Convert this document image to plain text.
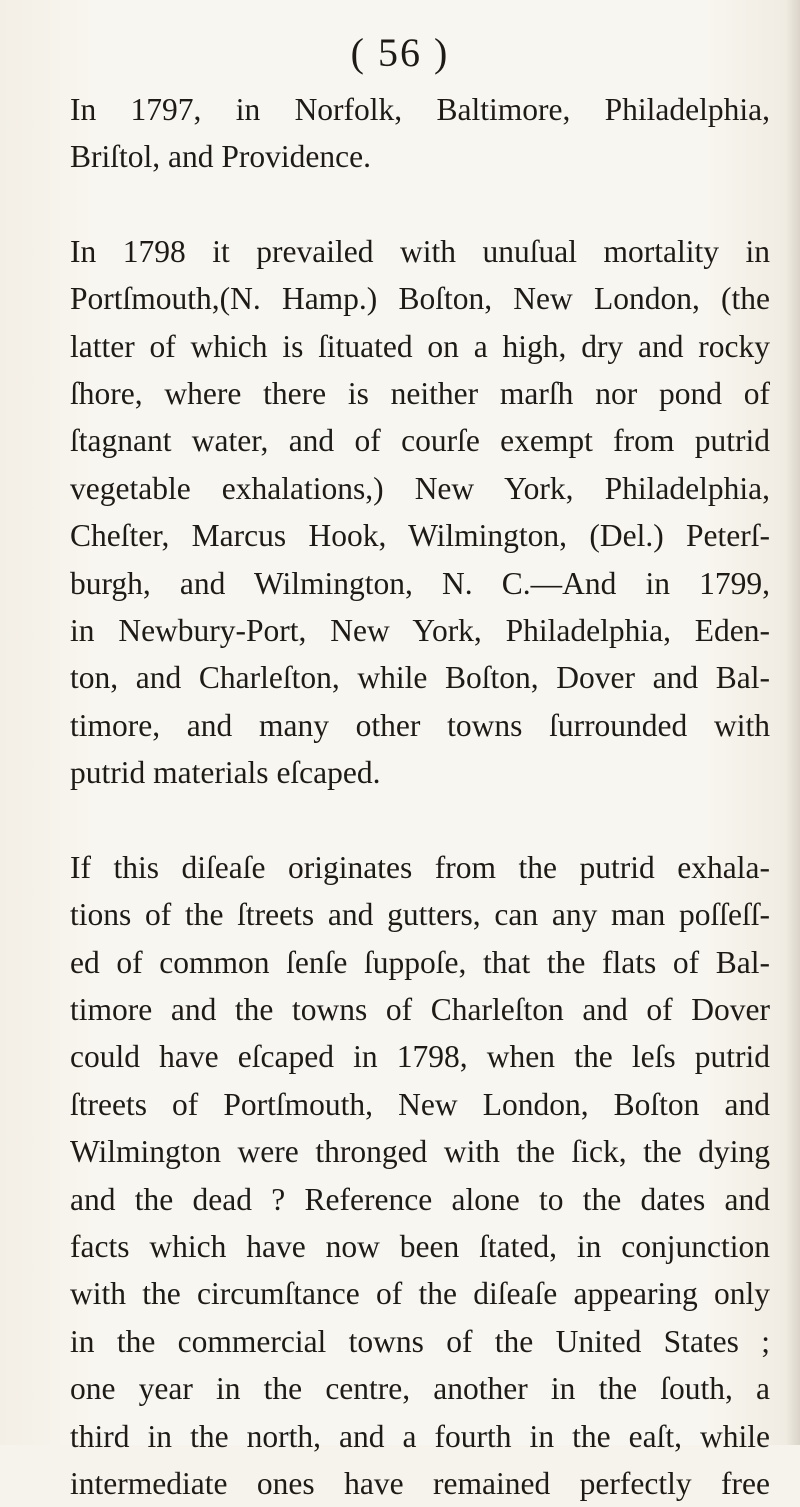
( 56 )

In 1797, in Norfolk, Baltimore, Philadelphia,
Briſtol, and Providence.

In 1798 it prevailed with unuſual mortality in
Portſmouth,(N. Hamp.) Boſton, New London, (the
latter of which is ſituated on a high, dry and rocky
ſhore, where there is neither marſh nor pond of
ſtagnant water, and of courſe exempt from putrid
vegetable exhalations,) New York, Philadelphia,
Cheſter, Marcus Hook, Wilmington, (Del.) Peterſ-
burgh, and Wilmington, N. C.—And in 1799,
in Newbury-Port, New York, Philadelphia, Eden-
ton, and Charleſton, while Boſton, Dover and Bal-
timore, and many other towns ſurrounded with
putrid materials eſcaped.

If this diſeaſe originates from the putrid exhala-
tions of the ſtreets and gutters, can any man poſſeſſ-
ed of common ſenſe ſuppoſe, that the flats of Bal-
timore and the towns of Charleſton and of Dover
could have eſcaped in 1798, when the leſs putrid
ſtreets of Portſmouth, New London, Boſton and
Wilmington were thronged with the ſick, the dying
and the dead ? Reference alone to the dates and
facts which have now been ſtated, in conjunction
with the circumſtance of the diſeaſe appearing only
in the commercial towns of the United States ;
one year in the centre, another in the ſouth, a
third in the north, and a fourth in the eaſt, while
intermediate ones have remained perfectly free
